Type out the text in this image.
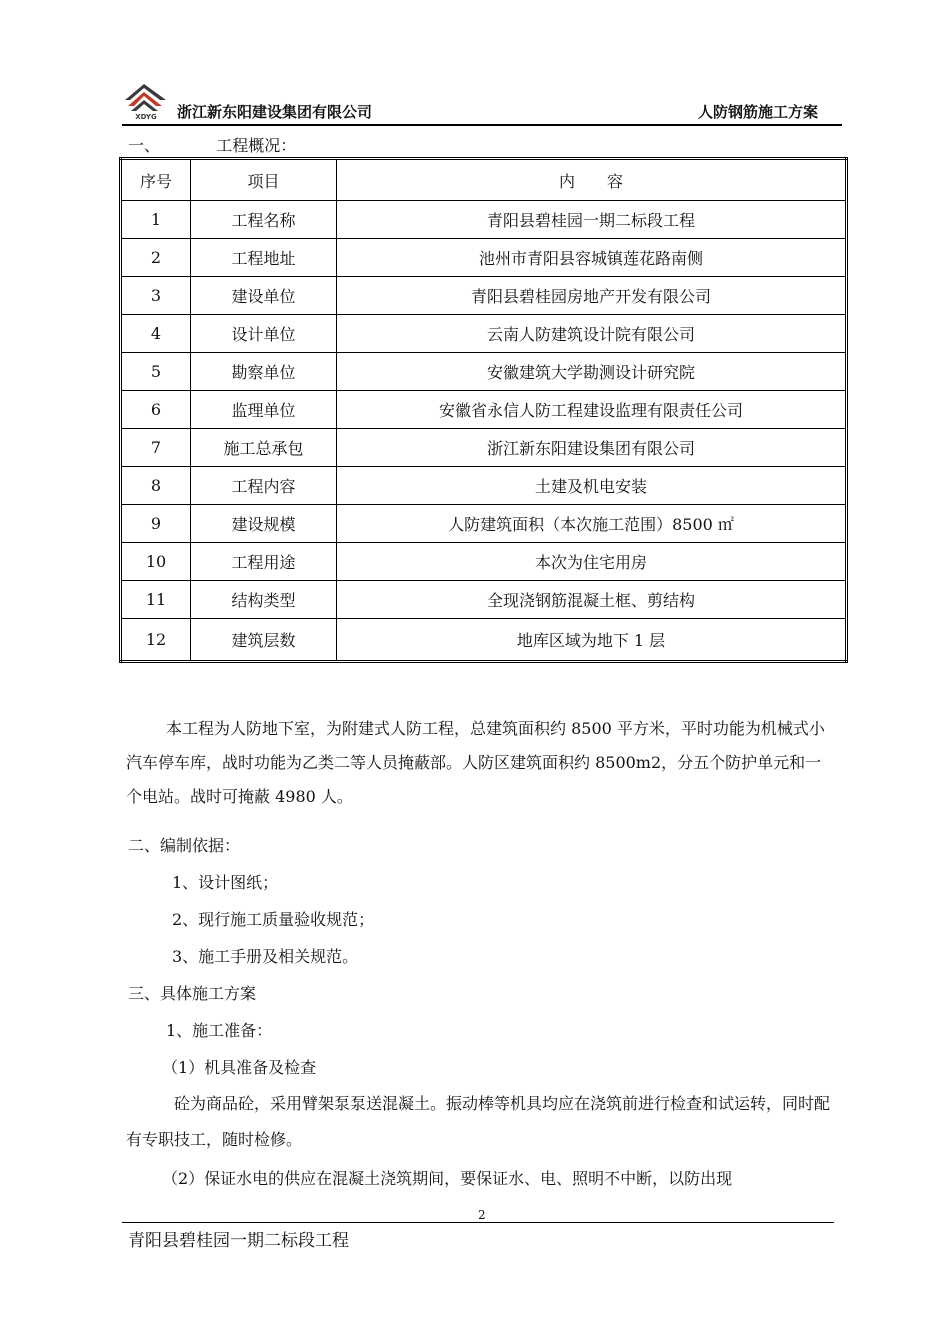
XDYG 浙江新东阳建设集团有限公司	人防钢筋施工方案
一、	工程概况：
序号	项目	内　　容
1	工程名称	青阳县碧桂园一期二标段工程
2	工程地址	池州市青阳县容城镇莲花路南侧
3	建设单位	青阳县碧桂园房地产开发有限公司
4	设计单位	云南人防建筑设计院有限公司
5	勘察单位	安徽建筑大学勘测设计研究院
6	监理单位	安徽省永信人防工程建设监理有限责任公司
7	施工总承包	浙江新东阳建设集团有限公司
8	工程内容	土建及机电安装
9	建设规模	人防建筑面积（本次施工范围）8500 ㎡
10	工程用途	本次为住宅用房
11	结构类型	全现浇钢筋混凝土框、剪结构
12	建筑层数	地库区域为地下 1 层

本工程为人防地下室，为附建式人防工程，总建筑面积约 8500 平方米，平时功能为机械式小汽车停车库，战时功能为乙类二等人员掩蔽部。人防区建筑面积约 8500m2，分五个防护单元和一个电站。战时可掩蔽 4980 人。

二、编制依据：
1、设计图纸；
2、现行施工质量验收规范；
3、施工手册及相关规范。
三、具体施工方案
1、施工准备：
（1）机具准备及检查

砼为商品砼，采用臂架泵泵送混凝土。振动棒等机具均应在浇筑前进行检查和试运转，同时配有专职技工，随时检修。

（2）保证水电的供应在混凝土浇筑期间，要保证水、电、照明不中断，以防出现
2
青阳县碧桂园一期二标段工程
